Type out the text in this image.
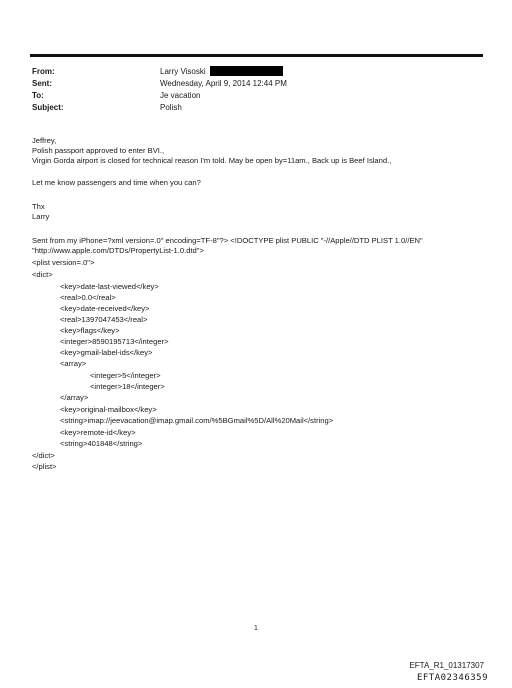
From:	Larry Visoski
Sent:	Wednesday, April 9, 2014 12:44 PM
To:	Je vacation
Subject:	Polish
Jeffrey,
Polish passport approved to enter BVI.,
Virgin Gorda airport is closed for technical reason I'm told. May be open by=11am., Back up is Beef Island.,
Let me know passengers and time when you can?
Thx
Larry
Sent from my iPhone=?xml version=.0" encoding=TF-8"?> <!DOCTYPE plist PUBLIC "-//Apple//DTD PLIST 1.0//EN"
"http://www.apple.com/DTDs/PropertyList-1.0.dtd">
<plist version=.0">
<dict>
<key>date-last-viewed</key>
<real>0.0</real>
<key>date-received</key>
<real>1397047453</real>
<key>flags</key>
<integer>8590195713</integer>
<key>gmail-label-ids</key>
<array>
<integer>5</integer>
<integer>18</integer>
</array>
<key>original-mailbox</key>
<string>imap://jeevacation@imap.gmail.com/%5BGmail%5D/All%20Mail</string>
<key>remote-id</key>
<string>401848</string>
</dict>
</plist>
1
EFTA_R1_01317307
EFTA02346359
